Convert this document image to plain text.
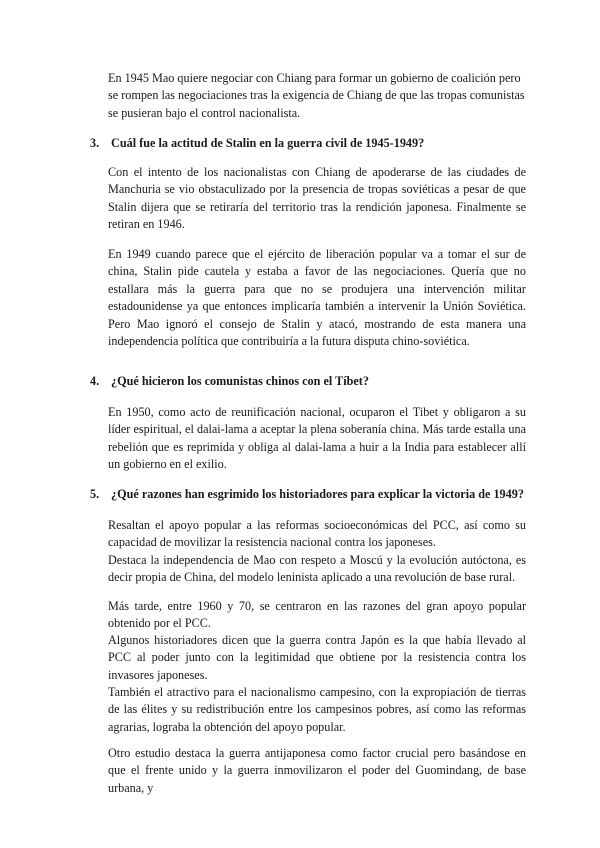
En 1945 Mao quiere negociar con Chiang para formar un gobierno de coalición pero se rompen las negociaciones tras la exigencia de Chiang de que las tropas comunistas se pusieran bajo el control nacionalista.

3. Cuál fue la actitud de Stalin en la guerra civil de 1945-1949?

Con el intento de los nacionalistas con Chiang de apoderarse de las ciudades de Manchuria se vio obstaculizado por la presencia de tropas soviéticas a pesar de que Stalin dijera que se retiraría del territorio tras la rendición japonesa. Finalmente se retiran en 1946.

En 1949 cuando parece que el ejército de liberación popular va a tomar el sur de china, Stalin pide cautela y estaba a favor de las negociaciones. Quería que no estallara más la guerra para que no se produjera una intervención militar estadounidense ya que entonces implicaría también a intervenir la Unión Soviética. Pero Mao ignoró el consejo de Stalin y atacó, mostrando de esta manera una independencia política que contribuiría a la futura disputa chino-soviética.

4. ¿Qué hicieron los comunistas chinos con el Tíbet?

En 1950, como acto de reunificación nacional, ocuparon el Tibet y obligaron a su líder espiritual, el dalai-lama a aceptar la plena soberanía china. Más tarde estalla una rebelión que es reprimida y obliga al dalai-lama a huir a la India para establecer allí un gobierno en el exilio.

5. ¿Qué razones han esgrimido los historiadores para explicar la victoria de 1949?

Resaltan el apoyo popular a las reformas socioeconómicas del PCC, así como su capacidad de movilizar la resistencia nacional contra los japoneses.

Destaca la independencia de Mao con respeto a Moscú y la evolución autóctona, es decir propia de China, del modelo leninista aplicado a una revolución de base rural.

Más tarde, entre 1960 y 70, se centraron en las razones del gran apoyo popular obtenido por el PCC.

Algunos historiadores dicen que la guerra contra Japón es la que había llevado al PCC al poder junto con la legitimidad que obtiene por la resistencia contra los invasores japoneses.

También el atractivo para el nacionalismo campesino, con la expropiación de tierras de las élites y su redistribución entre los campesinos pobres, así como las reformas agrarias, lograba la obtención del apoyo popular.

Otro estudio destaca la guerra antijaponesa como factor crucial pero basándose en que el frente unido y la guerra inmovilizaron el poder del Guomindang, de base urbana, y
